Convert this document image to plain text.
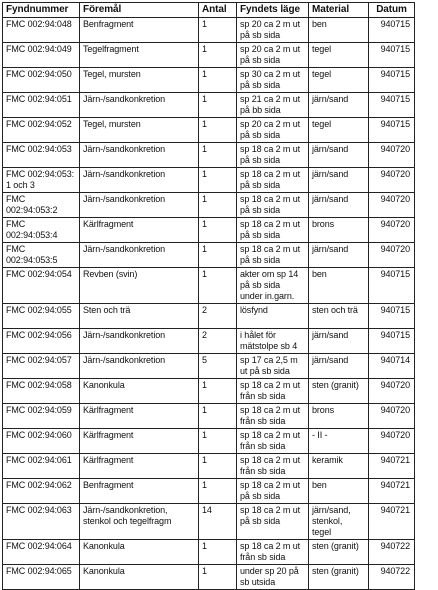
Fyndnummer	Föremål	Antal	Fyndets läge	Material	Datum
FMC 002:94:048	Benfragment	1	sp 20 ca 2 m ut
på sb sida	ben	940715
FMC 002:94:049	Tegelfragment	1	sp 20 ca 2 m ut
på sb sida	tegel	940715
FMC 002:94:050	Tegel, mursten	1	sp 30 ca 2 m ut
på sb sida	tegel	940715
FMC 002:94:051	Järn-/sandkonkretion	1	sp 21 ca 2 m ut
på bb sida	järn/sand	940715
FMC 002:94:052	Tegel, mursten	1	sp 20 ca 2 m ut
på sb sida	tegel	940715
FMC 002:94:053	Järn-/sandkonkretion	1	sp 18 ca 2 m ut
på sb sida	järn/sand	940720
FMC 002:94:053:
1 och 3	Järn-/sandkonkretion	1	sp 18 ca 2 m ut
på sb sida	järn/sand	940720
FMC 002:94:053:2	Järn-/sandkonkretion	1	sp 18 ca 2 m ut
på sb sida	järn/sand	940720
FMC 002:94:053:4	Kärlfragment	1	sp 18 ca 2 m ut
på sb sida	brons	940720
FMC 002:94:053:5	Järn-/sandkonkretion	1	sp 18 ca 2 m ut
på sb sida	järn/sand	940720
FMC 002:94:054	Revben (svin)	1	akter om sp 14
på sb sida
under in.garn.	ben	940715
FMC 002:94:055	Sten och trä	2	lösfynd	sten och trä	940715
FMC 002:94:056	Järn-/sandkonkretion	2	i hålet för
mätstolpe sb 4	järn/sand	940715
FMC 002:94:057	Järn-/sandkonkretion	5	sp 17 ca 2,5 m
ut på sb sida	järn/sand	940714
FMC 002:94:058	Kanonkula	1	sp 18 ca 2 m ut
från sb sida	sten (granit)	940720
FMC 002:94:059	Kärlfragment	1	sp 18 ca 2 m ut
från sb sida	brons	940720
FMC 002:94:060	Kärlfragment	1	sp 18 ca 2 m ut
från sb sida	- II -	940720
FMC 002:94:061	Kärlfragment	1	sp 18 ca 2 m ut
från sb sida	keramik	940721
FMC 002:94:062	Benfragment	1	sp 18 ca 2 m ut
på sb sida	ben	940721
FMC 002:94:063	Järn-/sandkonkretion,
stenkol och tegelfragm	14	sp 18 ca 2 m ut
på sb sida	järn/sand,
stenkol,
tegel	940721
FMC 002:94:064	Kanonkula	1	sp 18 ca 2 m ut
från sb sida	sten (granit)	940722
FMC 002:94:065	Kanonkula	1	under sp 20 på
sb utsida	sten (granit)	940722
